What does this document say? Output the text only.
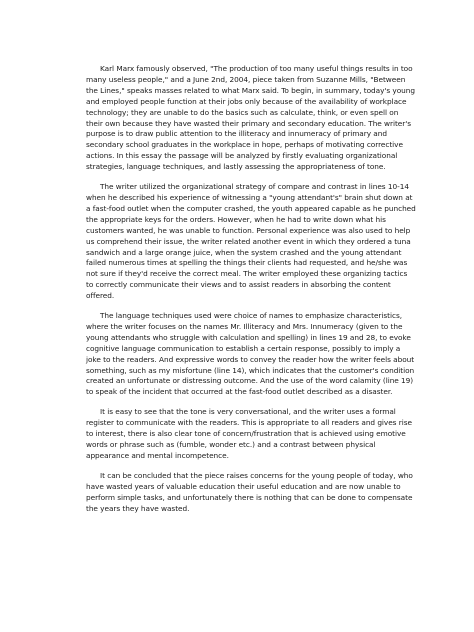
Karl Marx famously observed, "The production of too many useful things results in too many useless people," and a June 2nd, 2004, piece taken from Suzanne Mills, "Between the Lines," speaks masses related to what Marx said. To begin, in summary, today's young and employed people function at their jobs only because of the availability of workplace technology; they are unable to do the basics such as calculate, think, or even spell on their own because they have wasted their primary and secondary education. The writer's purpose is to draw public attention to the illiteracy and innumeracy of primary and secondary school graduates in the workplace in hope, perhaps of motivating corrective actions. In this essay the passage will be analyzed by firstly evaluating organizational strategies, language techniques, and lastly assessing the appropriateness of tone.

The writer utilized the organizational strategy of compare and contrast in lines 10-14 when he described his experience of witnessing a "young attendant's" brain shut down at a fast-food outlet when the computer crashed, the youth appeared capable as he punched the appropriate keys for the orders. However, when he had to write down what his customers wanted, he was unable to function. Personal experience was also used to help us comprehend their issue, the writer related another event in which they ordered a tuna sandwich and a large orange juice, when the system crashed and the young attendant failed numerous times at spelling the things their clients had requested, and he/she was not sure if they'd receive the correct meal. The writer employed these organizing tactics to correctly communicate their views and to assist readers in absorbing the content offered.

The language techniques used were choice of names to emphasize characteristics, where the writer focuses on the names Mr. Illiteracy and Mrs. Innumeracy (given to the young attendants who struggle with calculation and spelling) in lines 19 and 28, to evoke cognitive language communication to establish a certain response, possibly to imply a joke to the readers. And expressive words to convey the reader how the writer feels about something, such as my misfortune (line 14), which indicates that the customer's condition created an unfortunate or distressing outcome. And the use of the word calamity (line 19) to speak of the incident that occurred at the fast-food outlet described as a disaster.

It is easy to see that the tone is very conversational, and the writer uses a formal register to communicate with the readers. This is appropriate to all readers and gives rise to interest, there is also clear tone of concern/frustration that is achieved using emotive words or phrase such as (fumble, wonder etc.) and a contrast between physical appearance and mental incompetence.

It can be concluded that the piece raises concerns for the young people of today, who have wasted years of valuable education their useful education and are now unable to perform simple tasks, and unfortunately there is nothing that can be done to compensate the years they have wasted.
